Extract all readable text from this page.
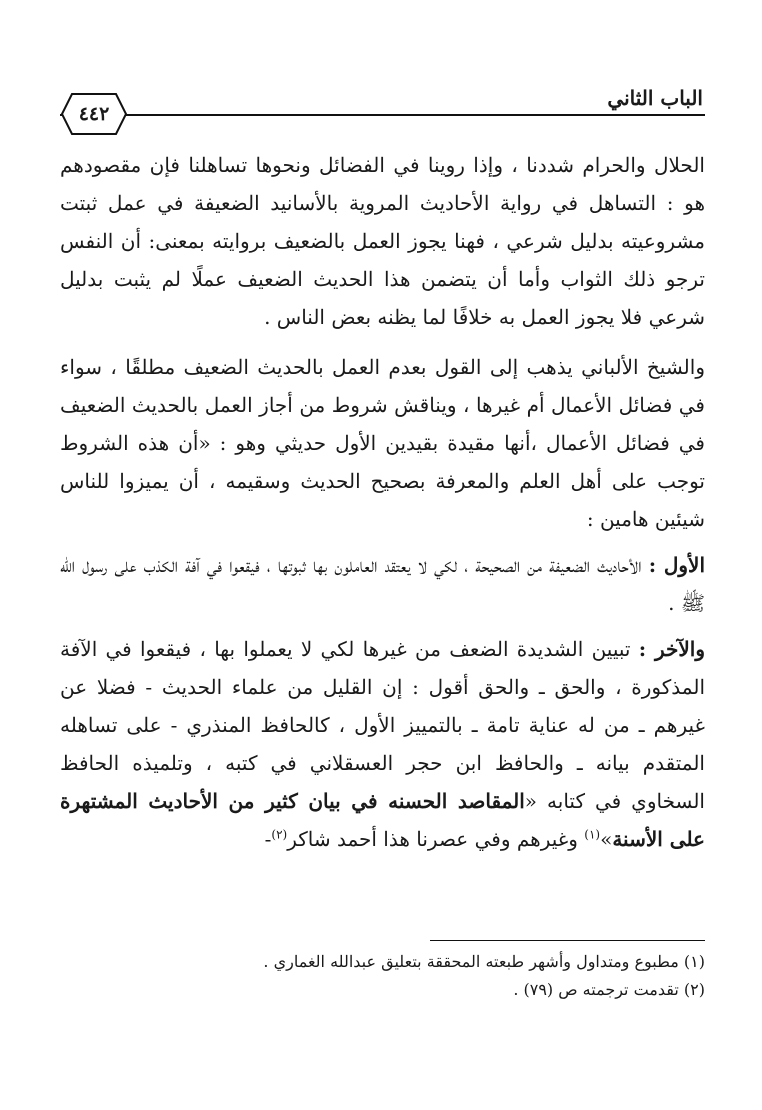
الباب الثاني
٤٤٢

الحلال والحرام شددنا ، وإذا روينا في الفضائل ونحوها تساهلنا فإن مقصودهم هو : التساهل في رواية الأحاديث المروية بالأسانيد الضعيفة في عمل ثبتت مشروعيته بدليل شرعي ، فهنا يجوز العمل بالضعيف بروايته بمعنى: أن النفس ترجو ذلك الثواب وأما أن يتضمن هذا الحديث الضعيف عملًا لم يثبت بدليل شرعي فلا يجوز العمل به خلافًا لما يظنه بعض الناس .

والشيخ الألباني يذهب إلى القول بعدم العمل بالحديث الضعيف مطلقًا ، سواء في فضائل الأعمال أم غيرها ، ويناقش شروط من أجاز العمل بالحديث الضعيف في فضائل الأعمال ،أنها مقيدة بقيدين الأول حديثي وهو : «أن هذه الشروط توجب على أهل العلم والمعرفة بصحيح الحديث وسقيمه ، أن يميزوا للناس شيئين هامين :

الأول : الأحاديث الضعيفة من الصحيحة ، لكي لا يعتقد العاملون بها ثبوتها ، فيقعوا في آفة الكذب على رسول الله ﷺ .

والآخر : تبيين الشديدة الضعف من غيرها لكي لا يعملوا بها ، فيقعوا في الآفة المذكورة ، والحق ـ والحق أقول : إن القليل من علماء الحديث - فضلا عن غيرهم ـ من له عناية تامة ـ بالتمييز الأول ، كالحافظ المنذري - على تساهله المتقدم بيانه ـ والحافظ ابن حجر العسقلاني في كتبه ، وتلميذه الحافظ السخاوي في كتابه «المقاصد الحسنه في بيان كثير من الأحاديث المشتهرة على الأسنة»$^{(١)}$ وغيرهم وفي عصرنا هذا أحمد شاكر$^{(٢)}$-

(١) مطبوع ومتداول وأشهر طبعته المحققة بتعليق عبدالله الغماري .

(٢) تقدمت ترجمته ص (٧٩) .
